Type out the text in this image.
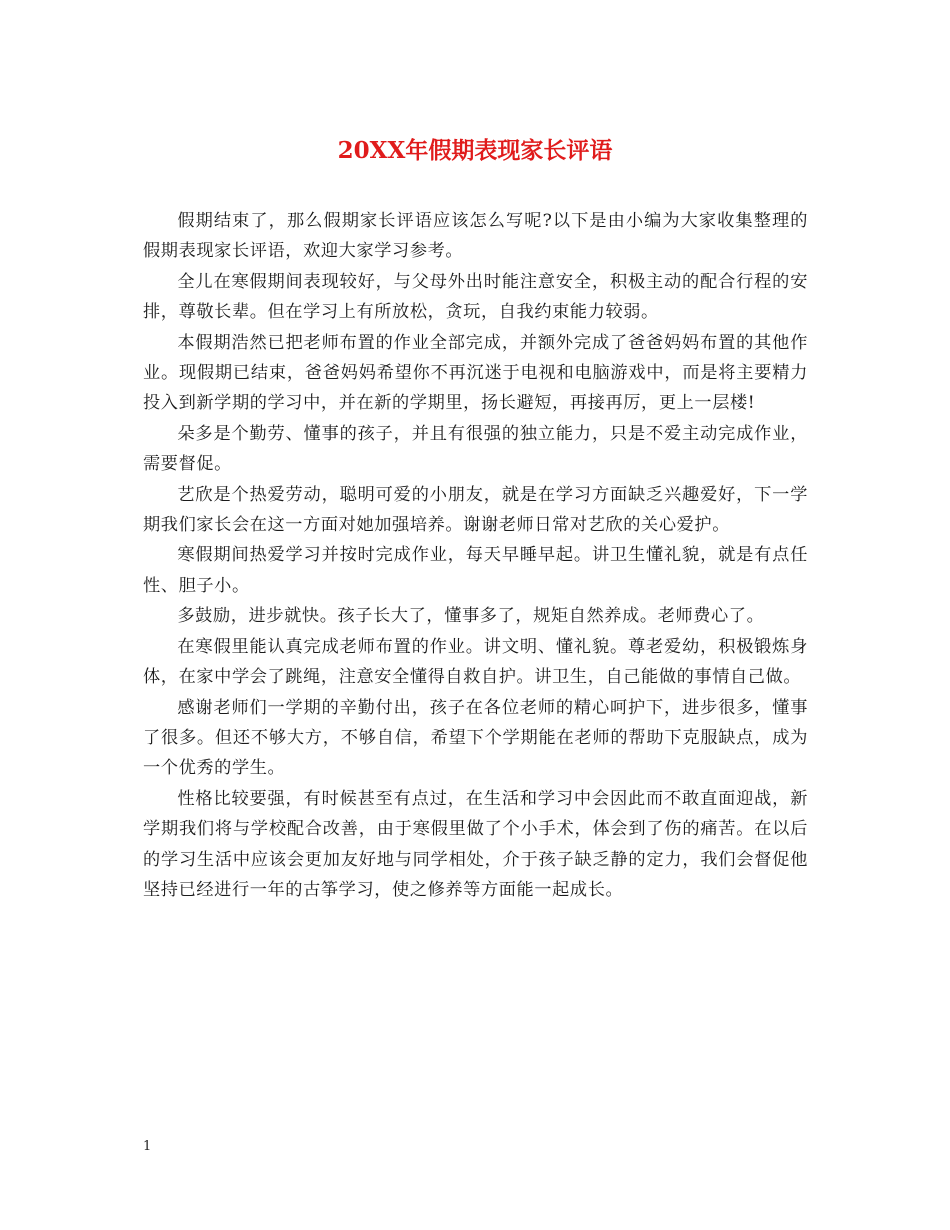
20XX年假期表现家长评语

假期结束了，那么假期家长评语应该怎么写呢?以下是由小编为大家收集整理的假期表现家长评语，欢迎大家学习参考。

全儿在寒假期间表现较好，与父母外出时能注意安全，积极主动的配合行程的安排，尊敬长辈。但在学习上有所放松，贪玩，自我约束能力较弱。

本假期浩然已把老师布置的作业全部完成，并额外完成了爸爸妈妈布置的其他作业。现假期已结束，爸爸妈妈希望你不再沉迷于电视和电脑游戏中，而是将主要精力投入到新学期的学习中，并在新的学期里，扬长避短，再接再厉，更上一层楼!

朵多是个勤劳、懂事的孩子，并且有很强的独立能力，只是不爱主动完成作业，需要督促。

艺欣是个热爱劳动，聪明可爱的小朋友，就是在学习方面缺乏兴趣爱好，下一学期我们家长会在这一方面对她加强培养。谢谢老师日常对艺欣的关心爱护。

寒假期间热爱学习并按时完成作业，每天早睡早起。讲卫生懂礼貌，就是有点任性、胆子小。

多鼓励，进步就快。孩子长大了，懂事多了，规矩自然养成。老师费心了。

在寒假里能认真完成老师布置的作业。讲文明、懂礼貌。尊老爱幼，积极锻炼身体，在家中学会了跳绳，注意安全懂得自救自护。讲卫生，自己能做的事情自己做。

感谢老师们一学期的辛勤付出，孩子在各位老师的精心呵护下，进步很多，懂事了很多。但还不够大方，不够自信，希望下个学期能在老师的帮助下克服缺点，成为一个优秀的学生。

性格比较要强，有时候甚至有点过，在生活和学习中会因此而不敢直面迎战，新学期我们将与学校配合改善，由于寒假里做了个小手术，体会到了伤的痛苦。在以后的学习生活中应该会更加友好地与同学相处，介于孩子缺乏静的定力，我们会督促他坚持已经进行一年的古筝学习，使之修养等方面能一起成长。

1
